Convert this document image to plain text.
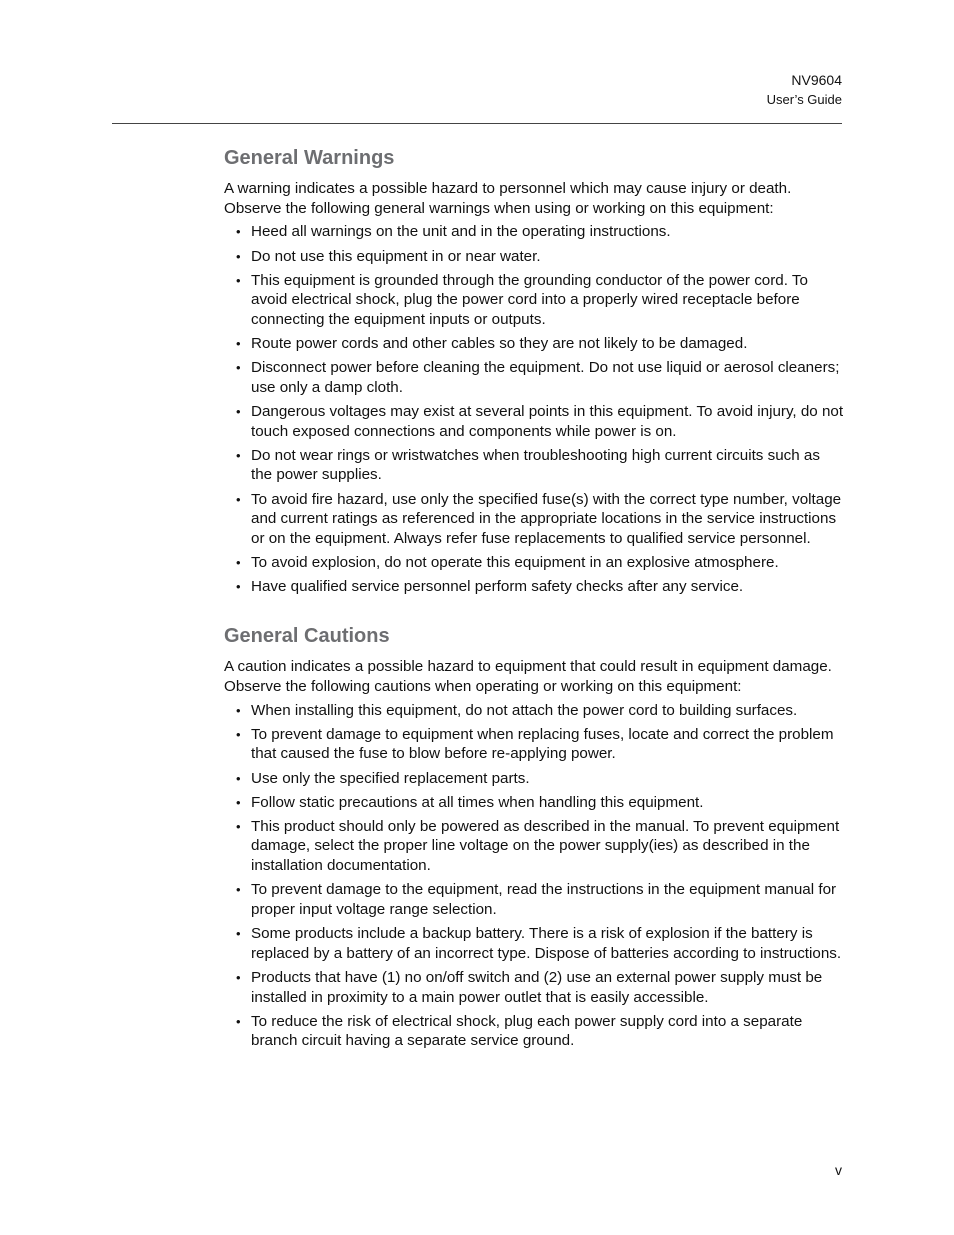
NV9604
User’s Guide
General Warnings

A warning indicates a possible hazard to personnel which may cause injury or death. Observe the following general warnings when using or working on this equipment:

• Heed all warnings on the unit and in the operating instructions.
• Do not use this equipment in or near water.
• This equipment is grounded through the grounding conductor of the power cord. To avoid electrical shock, plug the power cord into a properly wired receptacle before connecting the equipment inputs or outputs.
• Route power cords and other cables so they are not likely to be damaged.
• Disconnect power before cleaning the equipment. Do not use liquid or aerosol cleaners; use only a damp cloth.
• Dangerous voltages may exist at several points in this equipment. To avoid injury, do not touch exposed connections and components while power is on.
• Do not wear rings or wristwatches when troubleshooting high current circuits such as the power supplies.
• To avoid fire hazard, use only the specified fuse(s) with the correct type number, voltage and current ratings as referenced in the appropriate locations in the service instructions or on the equipment. Always refer fuse replacements to qualified service personnel.
• To avoid explosion, do not operate this equipment in an explosive atmosphere.
• Have qualified service personnel perform safety checks after any service.
General Cautions

A caution indicates a possible hazard to equipment that could result in equipment damage. Observe the following cautions when operating or working on this equipment:

• When installing this equipment, do not attach the power cord to building surfaces.
• To prevent damage to equipment when replacing fuses, locate and correct the problem that caused the fuse to blow before re-applying power.
• Use only the specified replacement parts.
• Follow static precautions at all times when handling this equipment.
• This product should only be powered as described in the manual. To prevent equipment damage, select the proper line voltage on the power supply(ies) as described in the installation documentation.
• To prevent damage to the equipment, read the instructions in the equipment manual for proper input voltage range selection.
• Some products include a backup battery. There is a risk of explosion if the battery is replaced by a battery of an incorrect type. Dispose of batteries according to instructions.
• Products that have (1) no on/off switch and (2) use an external power supply must be installed in proximity to a main power outlet that is easily accessible.
• To reduce the risk of electrical shock, plug each power supply cord into a separate branch circuit having a separate service ground.
v
